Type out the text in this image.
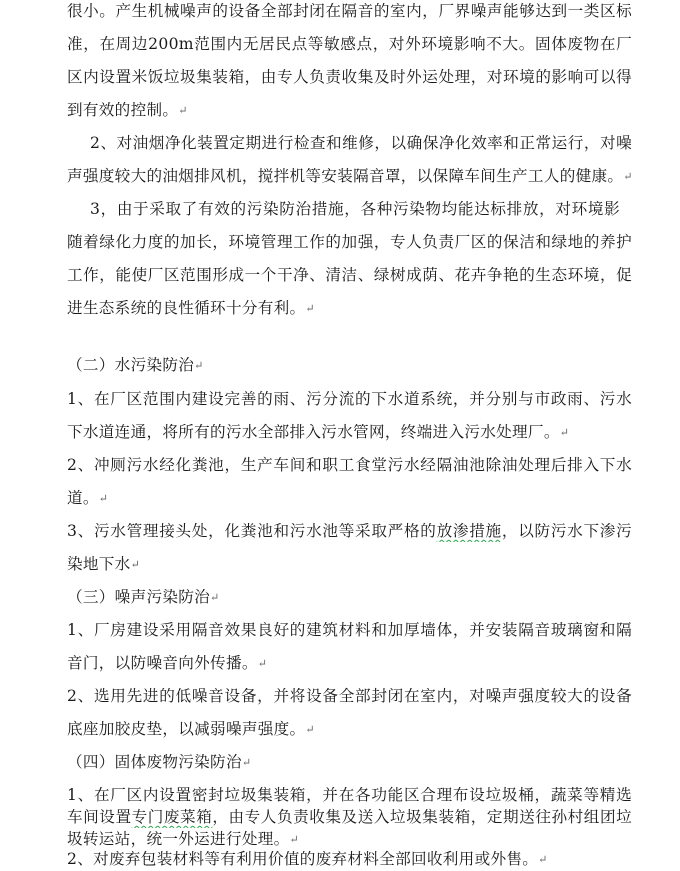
很小。产生机械噪声的设备全部封闭在隔音的室内，厂界噪声能够达到一类区标
准，在周边200m范围内无居民点等敏感点，对外环境影响不大。固体废物在厂
区内设置米饭垃圾集装箱，由专人负责收集及时外运处理，对环境的影响可以得
到有效的控制。↵
2、对油烟净化装置定期进行检查和维修，以确保净化效率和正常运行，对噪
声强度较大的油烟排风机，搅拌机等安装隔音罩，以保障车间生产工人的健康。↵
3，由于采取了有效的污染防治措施，各种污染物均能达标排放，对环境影
随着绿化力度的加长，环境管理工作的加强，专人负责厂区的保洁和绿地的养护
工作，能使厂区范围形成一个干净、清洁、绿树成荫、花卉争艳的生态环境，促
进生态系统的良性循环十分有利。↵
（二）水污染防治↵
1、在厂区范围内建设完善的雨、污分流的下水道系统，并分别与市政雨、污水
下水道连通，将所有的污水全部排入污水管网，终端进入污水处理厂。↵
2、冲厕污水经化粪池，生产车间和职工食堂污水经隔油池除油处理后排入下水
道。↵
3、污水管理接头处，化粪池和污水池等采取严格的放渗措施，以防污水下渗污
染地下水↵
（三）噪声污染防治↵
1、厂房建设采用隔音效果良好的建筑材料和加厚墙体，并安装隔音玻璃窗和隔
音门，以防噪音向外传播。↵
2、选用先进的低噪音设备，并将设备全部封闭在室内，对噪声强度较大的设备
底座加胶皮垫，以减弱噪声强度。↵
（四）固体废物污染防治↵
1、在厂区内设置密封垃圾集装箱，并在各功能区合理布设垃圾桶，蔬菜等精选
车间设置专门废菜箱，由专人负责收集及送入垃圾集装箱，定期送往孙村组团垃
圾转运站，统一外运进行处理。↵
2、对废弃包装材料等有利用价值的废弃材料全部回收利用或外售。↵
